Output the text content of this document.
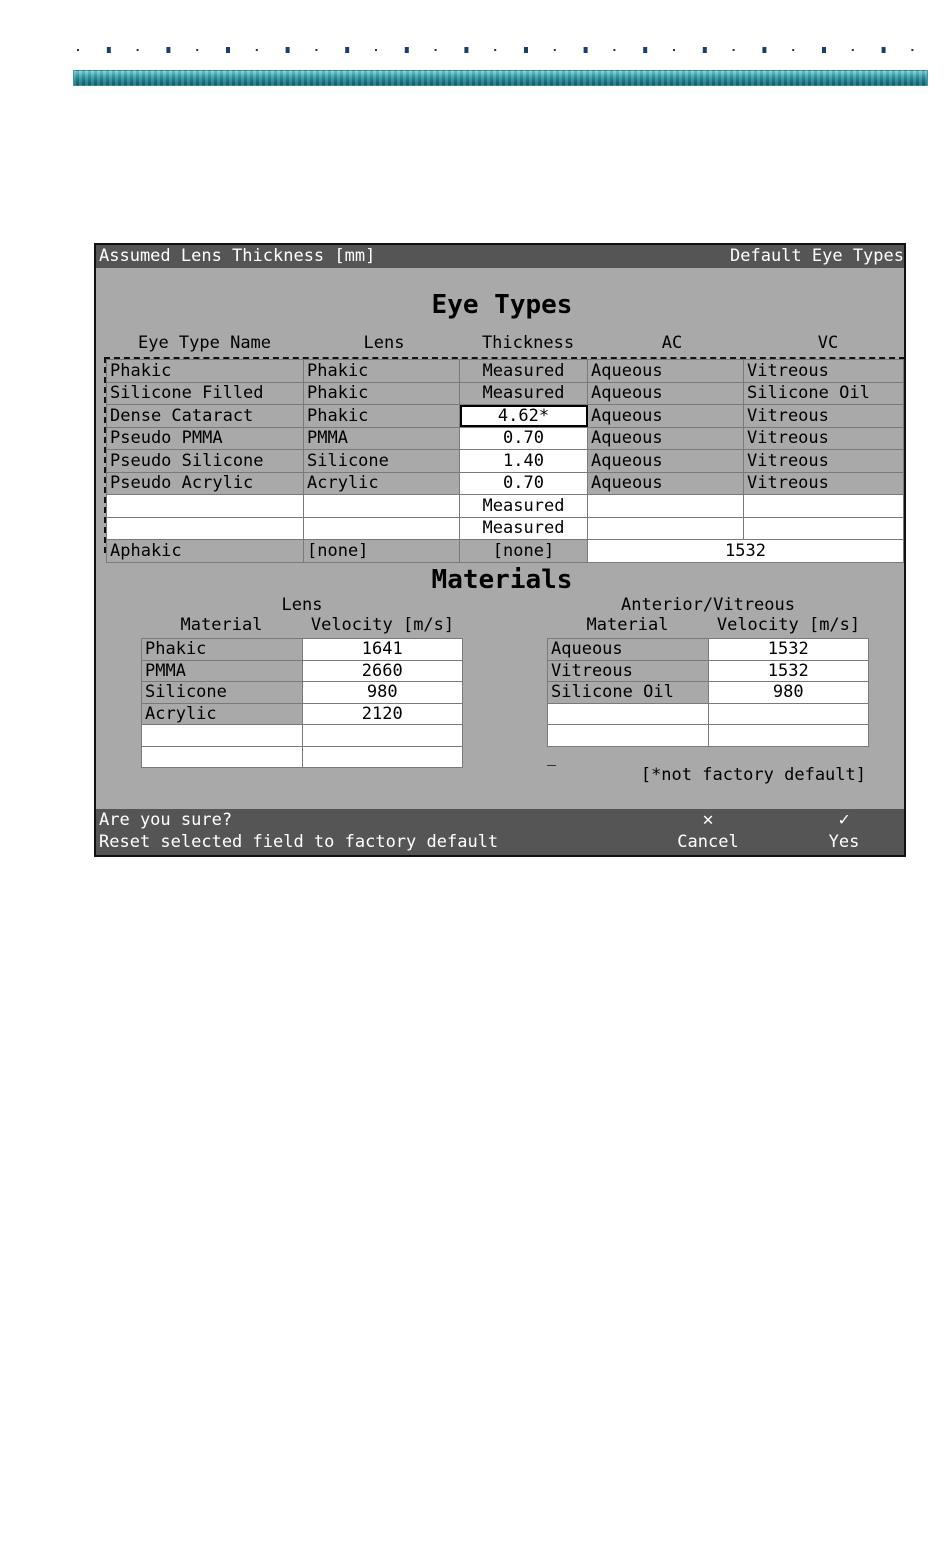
Assumed Lens Thickness [mm]	Default Eye Types
Eye Types
Eye Type Name	Lens	Thickness	AC	VC
Phakic	Phakic	Measured	Aqueous	Vitreous
Silicone Filled	Phakic	Measured	Aqueous	Silicone Oil
Dense Cataract	Phakic	4.62*	Aqueous	Vitreous
Pseudo PMMA	PMMA	0.70	Aqueous	Vitreous
Pseudo Silicone	Silicone	1.40	Aqueous	Vitreous
Pseudo Acrylic	Acrylic	0.70	Aqueous	Vitreous
		Measured		
		Measured		
Aphakic	[none]	[none]	1532	
Materials
Lens
Material	Velocity [m/s]
Anterior/Vitreous
Material	Velocity [m/s]
Phakic	1641
PMMA	2660
Silicone	980
Acrylic	2120

Aqueous	1532
Vitreous	1532
Silicone Oil	980

[*not factory default]
Are you sure?
Reset selected field to factory default
✕
Cancel
✓
Yes
